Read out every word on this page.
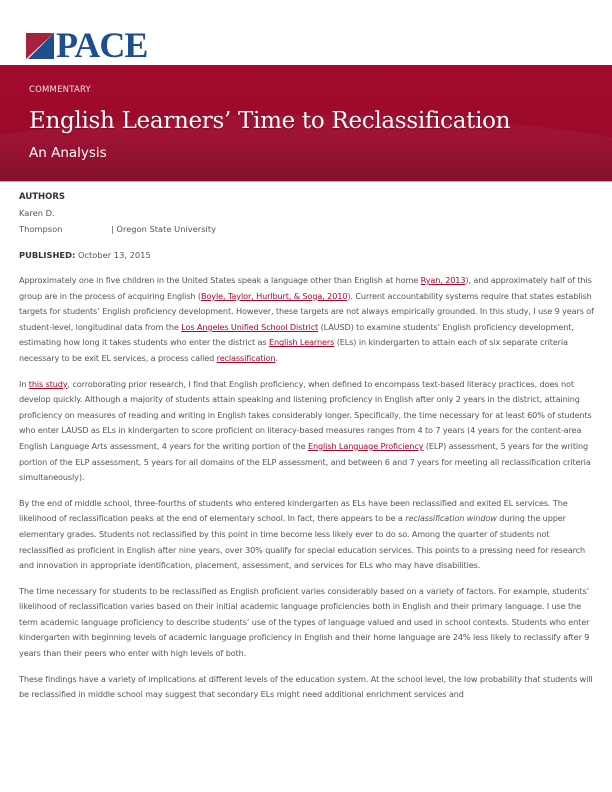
PACE
COMMENTARY
English Learners’ Time to Reclassification
An Analysis
AUTHORS
Karen D.
Thompson	| Oregon State University
PUBLISHED: October 13, 2015

Approximately one in five children in the United States speak a language other than English at home Ryan, 2013), and approximately half of this group are in the process of acquiring English (Boyle, Taylor, Hurlburt, & Soga, 2010). Current accountability systems require that states establish targets for students’ English proficiency development. However, these targets are not always empirically grounded. In this study, I use 9 years of student-level, longitudinal data from the Los Angeles Unified School District (LAUSD) to examine students’ English proficiency development, estimating how long it takes students who enter the district as English Learners (ELs) in kindergarten to attain each of six separate criteria necessary to be exit EL services, a process called reclassification.

In this study, corroborating prior research, I find that English proficiency, when defined to encompass text-based literacy practices, does not develop quickly. Although a majority of students attain speaking and listening proficiency in English after only 2 years in the district, attaining proficiency on measures of reading and writing in English takes considerably longer. Specifically, the time necessary for at least 60% of students who enter LAUSD as ELs in kindergarten to score proficient on literacy-based measures ranges from 4 to 7 years (4 years for the content-area English Language Arts assessment, 4 years for the writing portion of the English Language Proficiency (ELP) assessment, 5 years for the writing portion of the ELP assessment, 5 years for all domains of the ELP assessment, and between 6 and 7 years for meeting all reclassification criteria simultaneously).

By the end of middle school, three-fourths of students who entered kindergarten as ELs have been reclassified and exited EL services. The likelihood of reclassification peaks at the end of elementary school. In fact, there appears to be a reclassification window during the upper elementary grades. Students not reclassified by this point in time become less likely ever to do so. Among the quarter of students not reclassified as proficient in English after nine years, over 30% qualify for special education services. This points to a pressing need for research and innovation in appropriate identification, placement, assessment, and services for ELs who may have disabilities.

The time necessary for students to be reclassified as English proficient varies considerably based on a variety of factors. For example, students’ likelihood of reclassification varies based on their initial academic language proficiencies both in English and their primary language. I use the term academic language proficiency to describe students’ use of the types of language valued and used in school contexts. Students who enter kindergarten with beginning levels of academic language proficiency in English and their home language are 24% less likely to reclassify after 9 years than their peers who enter with high levels of both.

These findings have a variety of implications at different levels of the education system. At the school level, the low probability that students will be reclassified in middle school may suggest that secondary ELs might need additional enrichment services and
